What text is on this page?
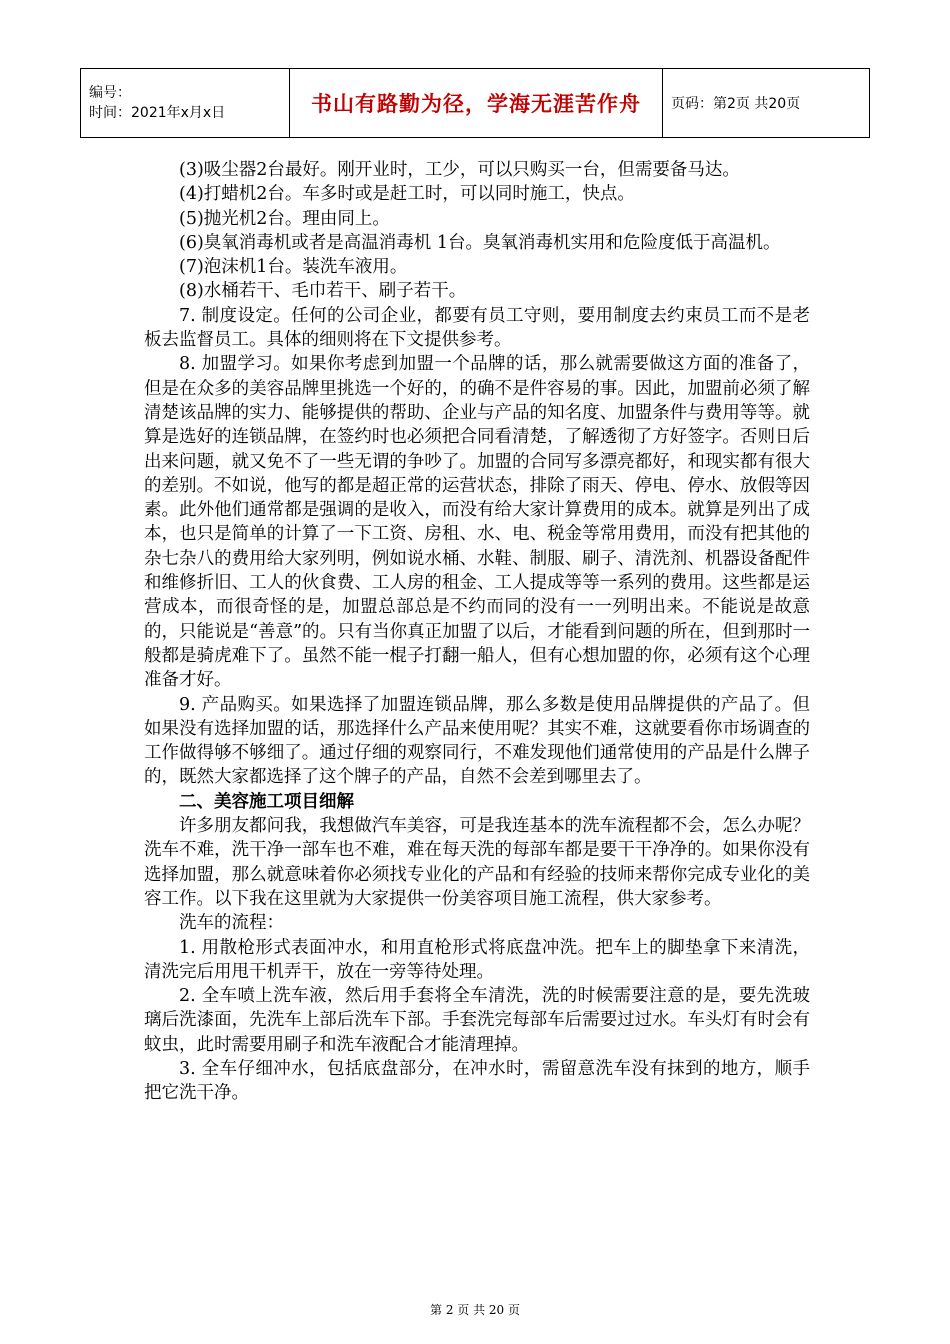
编号：
时间：2021年x月x日	书山有路勤为径，学海无涯苦作舟	页码：第2页 共20页

(3)吸尘器2台最好。刚开业时，工少，可以只购买一台，但需要备马达。

(4)打蜡机2台。车多时或是赶工时，可以同时施工，快点。

(5)抛光机2台。理由同上。

(6)臭氧消毒机或者是高温消毒机 1台。臭氧消毒机实用和危险度低于高温机。

(7)泡沫机1台。装洗车液用。

(8)水桶若干、毛巾若干、刷子若干。

7. 制度设定。任何的公司企业，都要有员工守则，要用制度去约束员工而不是老板去监督员工。具体的细则将在下文提供参考。

8. 加盟学习。如果你考虑到加盟一个品牌的话，那么就需要做这方面的准备了，但是在众多的美容品牌里挑选一个好的，的确不是件容易的事。因此，加盟前必须了解清楚该品牌的实力、能够提供的帮助、企业与产品的知名度、加盟条件与费用等等。就算是选好的连锁品牌，在签约时也必须把合同看清楚，了解透彻了方好签字。否则日后出来问题，就又免不了一些无谓的争吵了。加盟的合同写多漂亮都好，和现实都有很大的差别。不如说，他写的都是超正常的运营状态，排除了雨天、停电、停水、放假等因素。此外他们通常都是强调的是收入，而没有给大家计算费用的成本。就算是列出了成本，也只是简单的计算了一下工资、房租、水、电、税金等常用费用，而没有把其他的杂七杂八的费用给大家列明，例如说水桶、水鞋、制服、刷子、清洗剂、机器设备配件和维修折旧、工人的伙食费、工人房的租金、工人提成等等一系列的费用。这些都是运营成本，而很奇怪的是，加盟总部总是不约而同的没有一一列明出来。不能说是故意的，只能说是“善意”的。只有当你真正加盟了以后，才能看到问题的所在，但到那时一般都是骑虎难下了。虽然不能一棍子打翻一船人，但有心想加盟的你，必须有这个心理准备才好。

9. 产品购买。如果选择了加盟连锁品牌，那么多数是使用品牌提供的产品了。但如果没有选择加盟的话，那选择什么产品来使用呢？其实不难，这就要看你市场调查的工作做得够不够细了。通过仔细的观察同行，不难发现他们通常使用的产品是什么牌子的，既然大家都选择了这个牌子的产品，自然不会差到哪里去了。

二、美容施工项目细解

许多朋友都问我，我想做汽车美容，可是我连基本的洗车流程都不会，怎么办呢？洗车不难，洗干净一部车也不难，难在每天洗的每部车都是要干干净净的。如果你没有选择加盟，那么就意味着你必须找专业化的产品和有经验的技师来帮你完成专业化的美容工作。以下我在这里就为大家提供一份美容项目施工流程，供大家参考。

洗车的流程：

1. 用散枪形式表面冲水，和用直枪形式将底盘冲洗。把车上的脚垫拿下来清洗，清洗完后用甩干机弄干，放在一旁等待处理。

2. 全车喷上洗车液，然后用手套将全车清洗，洗的时候需要注意的是，要先洗玻璃后洗漆面，先洗车上部后洗车下部。手套洗完每部车后需要过过水。车头灯有时会有蚊虫，此时需要用刷子和洗车液配合才能清理掉。

3. 全车仔细冲水，包括底盘部分，在冲水时，需留意洗车没有抹到的地方，顺手把它洗干净。

第 2 页 共 20 页
